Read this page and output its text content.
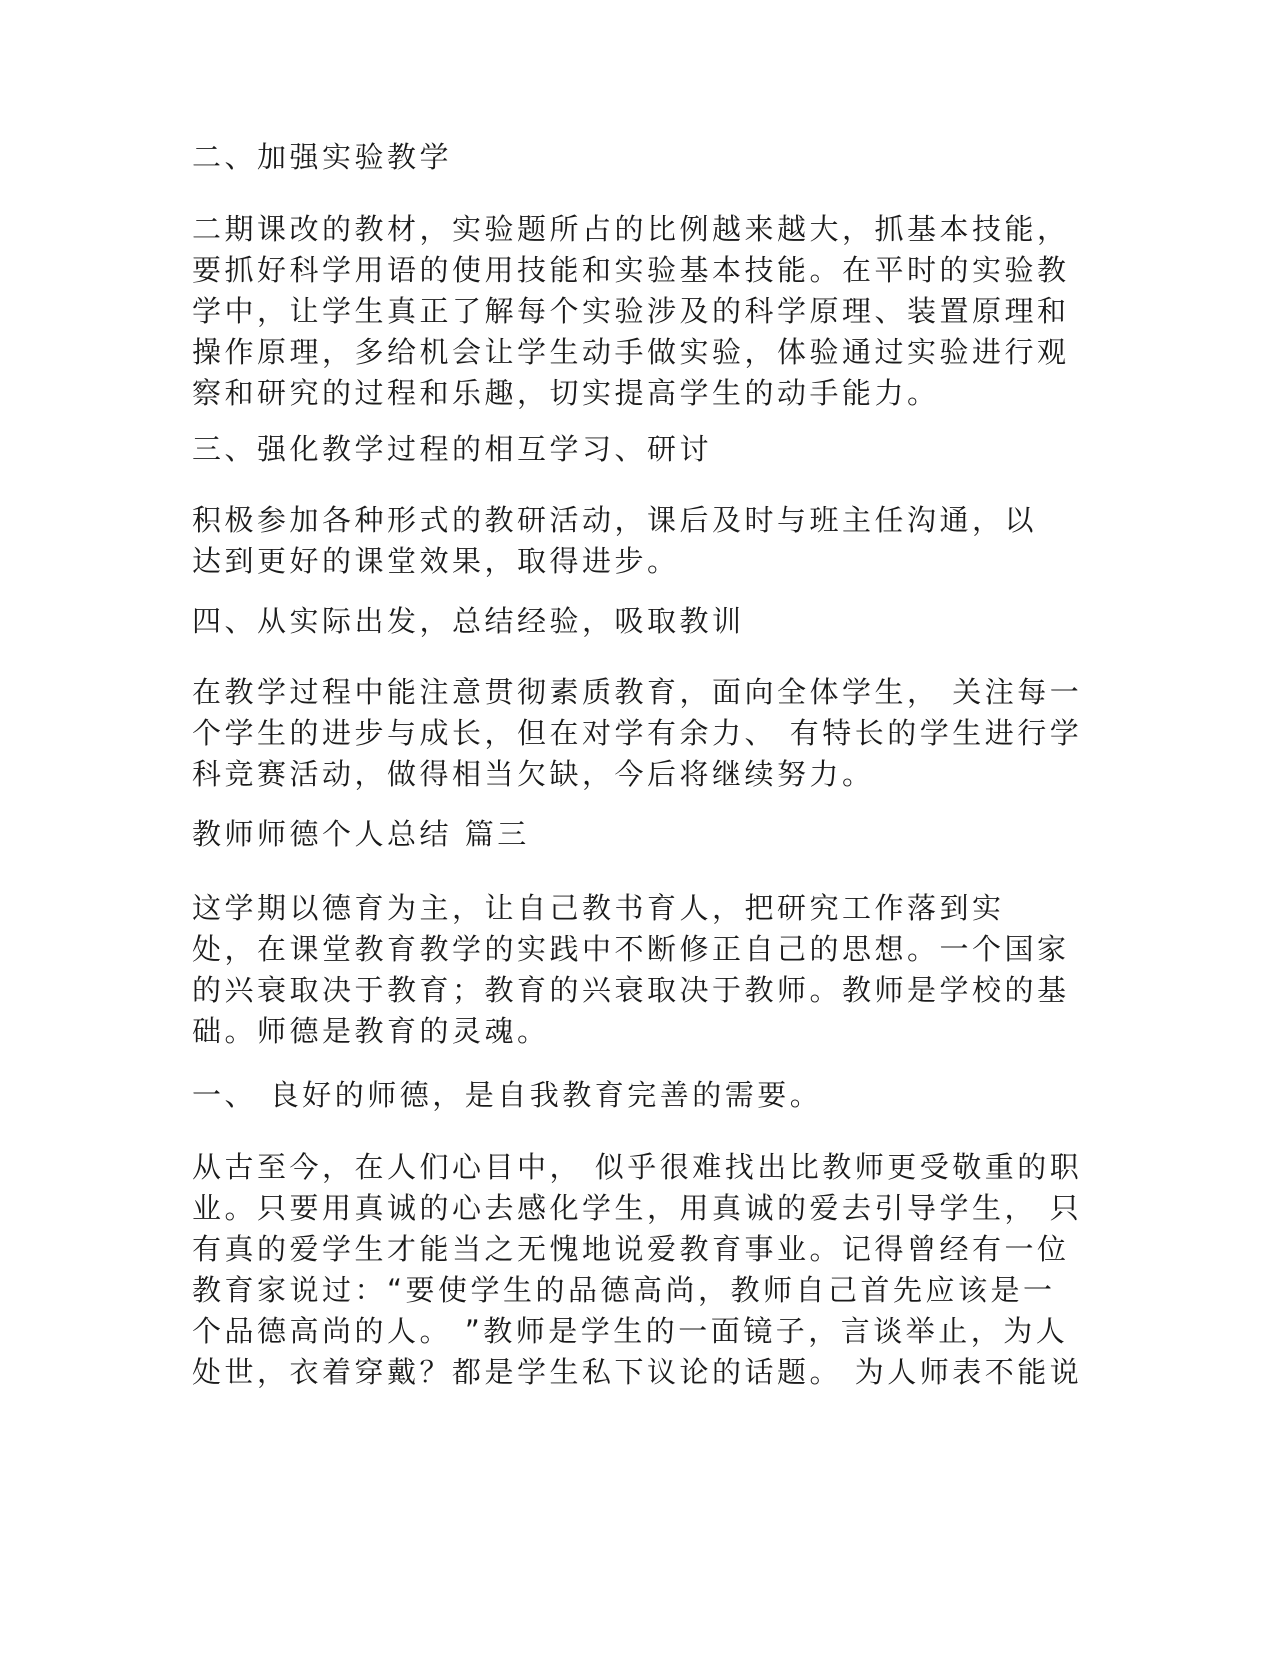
二、加强实验教学
二期课改的教材，实验题所占的比例越来越大，抓基本技能，
要抓好科学用语的使用技能和实验基本技能。在平时的实验教
学中，让学生真正了解每个实验涉及的科学原理、装置原理和
操作原理，多给机会让学生动手做实验，体验通过实验进行观
察和研究的过程和乐趣，切实提高学生的动手能力。
三、强化教学过程的相互学习、研讨
积极参加各种形式的教研活动，课后及时与班主任沟通，以
达到更好的课堂效果，取得进步。
四、从实际出发，总结经验，吸取教训
在教学过程中能注意贯彻素质教育，面向全体学生， 关注每一
个学生的进步与成长，但在对学有余力、 有特长的学生进行学
科竞赛活动，做得相当欠缺，今后将继续努力。
教师师德个人总结 篇三
这学期以德育为主，让自己教书育人，把研究工作落到实
处，在课堂教育教学的实践中不断修正自己的思想。一个国家
的兴衰取决于教育；教育的兴衰取决于教师。教师是学校的基
础。师德是教育的灵魂。
一、 良好的师德，是自我教育完善的需要。
从古至今，在人们心目中， 似乎很难找出比教师更受敬重的职
业。只要用真诚的心去感化学生，用真诚的爱去引导学生， 只
有真的爱学生才能当之无愧地说爱教育事业。记得曾经有一位
教育家说过：“要使学生的品德高尚，教师自己首先应该是一
个品德高尚的人。 ”教师是学生的一面镜子，言谈举止，为人
处世，衣着穿戴？都是学生私下议论的话题。 为人师表不能说
